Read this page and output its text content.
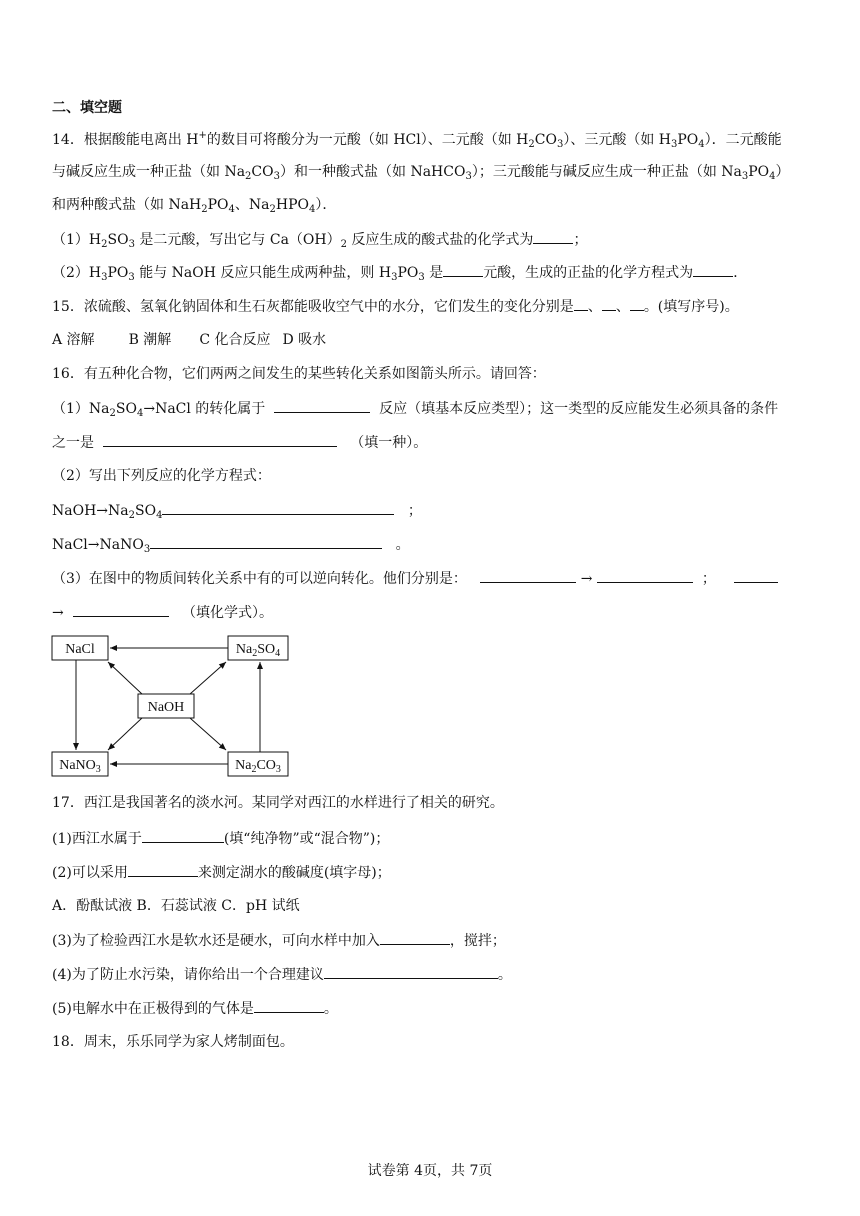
二、填空题
14．根据酸能电离出 H+的数目可将酸分为一元酸（如 HCl）、二元酸（如 $H_2CO_3$）、三元酸（如 $H_3PO_4$）．二元酸能
与碱反应生成一种正盐（如 $Na_2CO_3$）和一种酸式盐（如 NaHCO$_3$）；三元酸能与碱反应生成一种正盐（如 $Na_3PO_4$）
和两种酸式盐（如 $NaH_2PO_4$、$Na_2HPO_4$）．
$(1)H_2SO_3$ 是二元酸，写出它与 $Ca(OH)_2$ 反应生成的酸式盐的化学式为	；
$(2)H_3PO_3$ 能与 NaOH 反应只能生成两种盐，则 $H_3PO_3$ 是	元酸，生成的正盐的化学方程式为	．
15．浓硫酸、氢氧化钠固体和生石灰都能吸收空气中的水分，它们发生的变化分别是 、 、 。(填写序号)。
A 溶解 B 潮解 C 化合反应 D 吸水
16．有五种化合物，它们两两之间发生的某些转化关系如图箭头所示。请回答：
$(1)Na_2SO_4\to NaCl$ 的转化属于	反应（填基本反应类型）；这一类型的反应能发生必须具备的条件
之一是	（填一种）。
（2）写出下列反应的化学方程式：
$NaOH\to Na_2SO_4$	；
NaCl→NaNO$_3$	。
（3）在图中的物质间转化关系中有的可以逆向转化。他们分别是：	→	；
→	（填化学式）。
NaCl	$Na_2SO_4$
NaOH
NaNO$_3$	$Na_2CO_3$
17．西江是我国著名的淡水河。某同学对西江的水样进行了相关的研究。
(1)西江水属于	(填“纯净物”或“混合物”)；
(2)可以采用	来测定湖水的酸碱度(填字母)；
A．酚酞试液 B．石蕊试液 C．pH 试纸
(3)为了检验西江水是软水还是硬水，可向水样中加入	，搅拌；
(4)为了防止水污染，请你给出一个合理建议	。
(5)电解水中在正极得到的气体是	。
18．周末，乐乐同学为家人烤制面包。
试卷第 4页，共 7页
